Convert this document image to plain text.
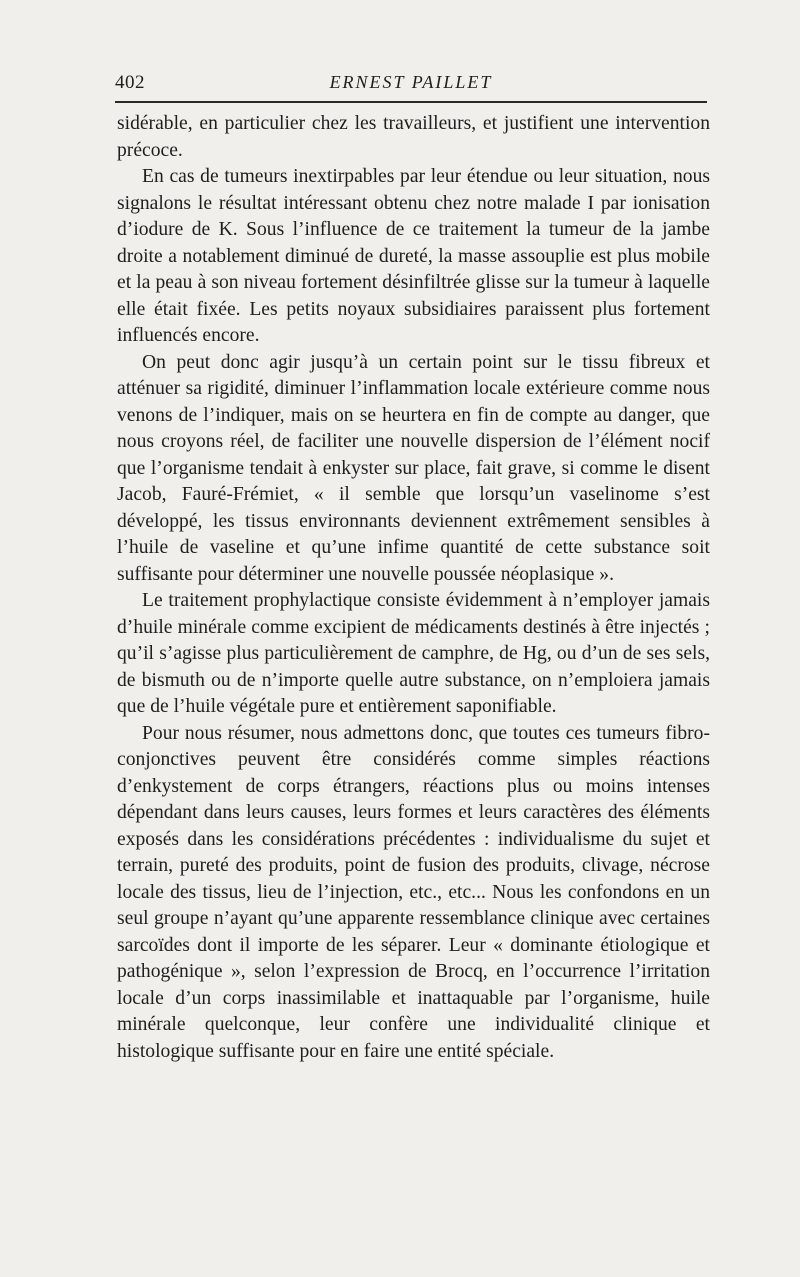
402	ERNEST PAILLET

sidérable, en particulier chez les travailleurs, et justifient une intervention précoce.

En cas de tumeurs inextirpables par leur étendue ou leur situation, nous signalons le résultat intéressant obtenu chez notre malade I par ionisation d’iodure de K. Sous l’influence de ce traitement la tumeur de la jambe droite a notablement diminué de dureté, la masse assouplie est plus mobile et la peau à son niveau fortement désinfiltrée glisse sur la tumeur à laquelle elle était fixée. Les petits noyaux subsidiaires paraissent plus fortement influencés encore.

On peut donc agir jusqu’à un certain point sur le tissu fibreux et atténuer sa rigidité, diminuer l’inflammation locale extérieure comme nous venons de l’indiquer, mais on se heurtera en fin de compte au danger, que nous croyons réel, de faciliter une nouvelle dispersion de l’élément nocif que l’organisme tendait à enkyster sur place, fait grave, si comme le disent Jacob, Fauré-Frémiet, « il semble que lorsqu’un vaselinome s’est développé, les tissus environnants deviennent extrêmement sensibles à l’huile de vaseline et qu’une infime quantité de cette substance soit suffisante pour déterminer une nouvelle poussée néoplasique ».

Le traitement prophylactique consiste évidemment à n’employer jamais d’huile minérale comme excipient de médicaments destinés à être injectés ; qu’il s’agisse plus particulièrement de camphre, de Hg, ou d’un de ses sels, de bismuth ou de n’importe quelle autre substance, on n’emploiera jamais que de l’huile végétale pure et entièrement saponifiable.

Pour nous résumer, nous admettons donc, que toutes ces tumeurs fibro-conjonctives peuvent être considérés comme simples réactions d’enkystement de corps étrangers, réactions plus ou moins intenses dépendant dans leurs causes, leurs formes et leurs caractères des éléments exposés dans les considérations précédentes : individualisme du sujet et terrain, pureté des produits, point de fusion des produits, clivage, nécrose locale des tissus, lieu de l’injection, etc., etc... Nous les confondons en un seul groupe n’ayant qu’une apparente ressemblance clinique avec certaines sarcoïdes dont il importe de les séparer. Leur « dominante étiologique et pathogénique », selon l’expression de Brocq, en l’occurrence l’irritation locale d’un corps inassimilable et inattaquable par l’organisme, huile minérale quelconque, leur confère une individualité clinique et histologique suffisante pour en faire une entité spéciale.
